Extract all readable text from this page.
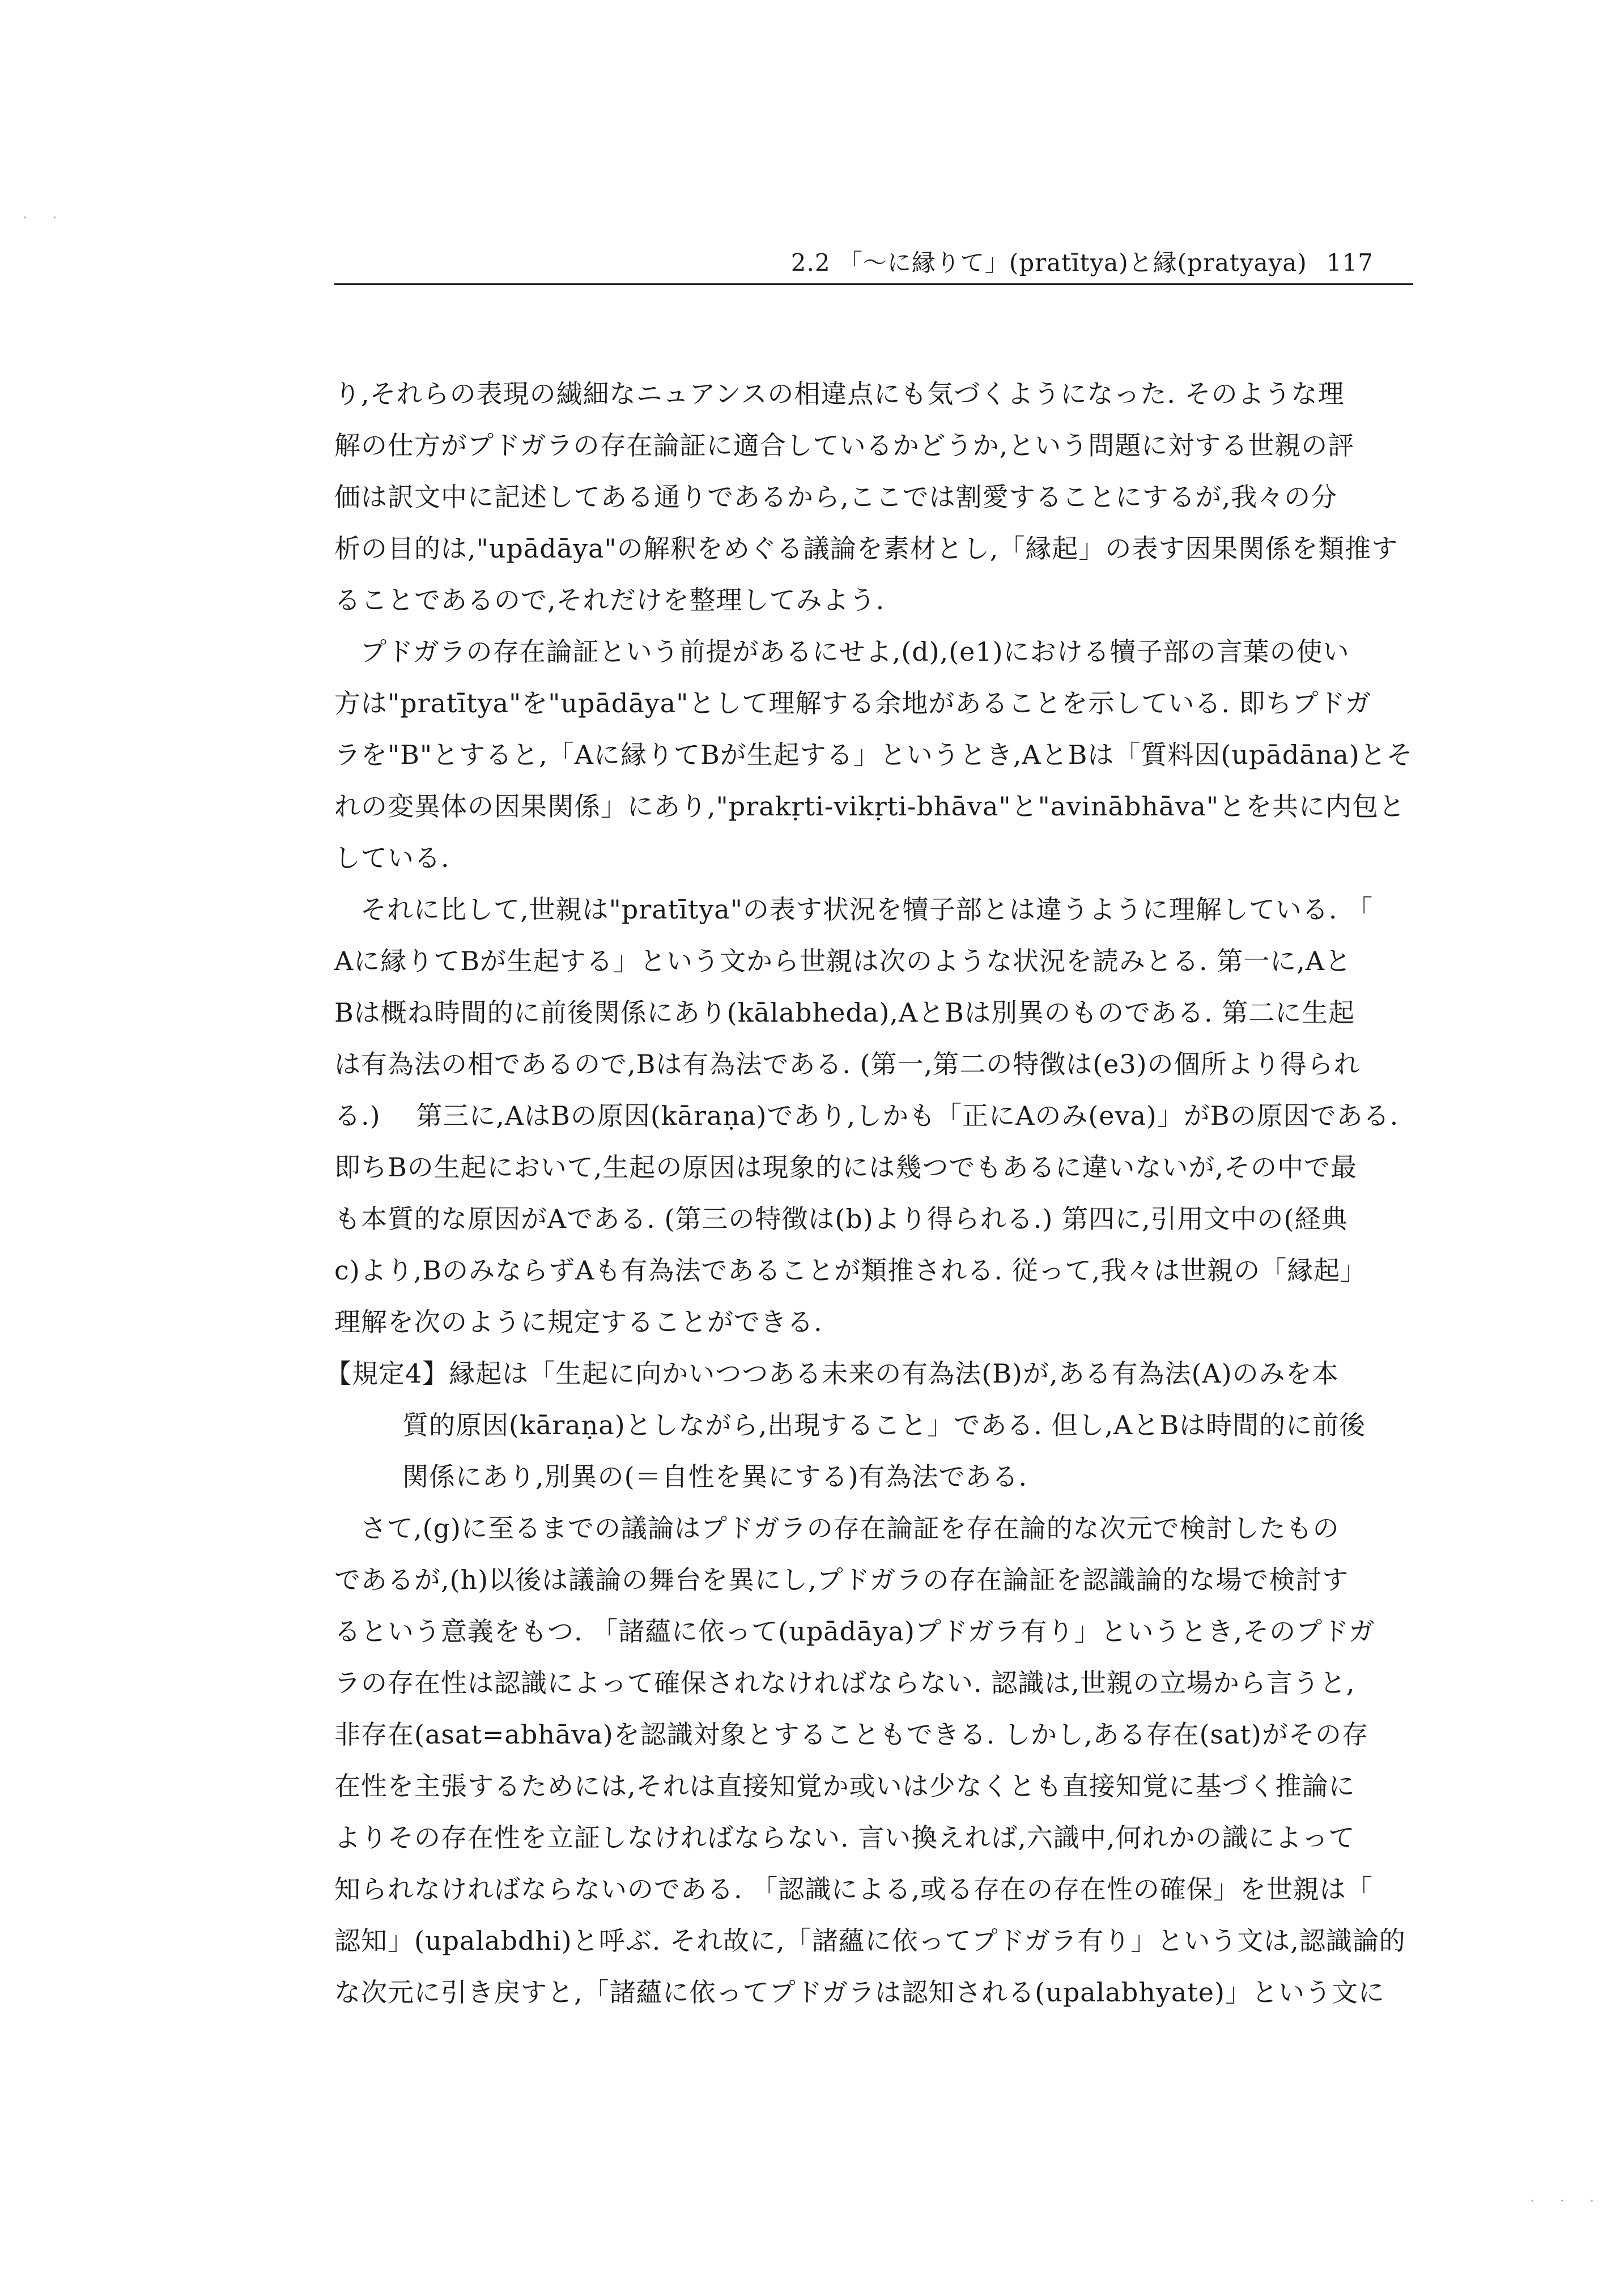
2.2 「～に縁りて」(pratītya)と縁(pratyaya) 117

り,それらの表現の繊細なニュアンスの相違点にも気づくようになった. そのような理

解の仕方がプドガラの存在論証に適合しているかどうか,という問題に対する世親の評

価は訳文中に記述してある通りであるから,ここでは割愛することにするが,我々の分

析の目的は,"upādāya"の解釈をめぐる議論を素材とし,「縁起」の表す因果関係を類推す

ることであるので,それだけを整理してみよう.

プドガラの存在論証という前提があるにせよ,(d),(e1)における犢子部の言葉の使い

方は"pratītya"を"upādāya"として理解する余地があることを示している. 即ちプドガ

ラを"B"とすると,「Aに縁りてBが生起する」というとき,AとBは「質料因(upādāna)とそ

れの変異体の因果関係」にあり,"prakṛti-vikṛti-bhāva"と"avinābhāva"とを共に内包と

している.

それに比して,世親は"pratītya"の表す状況を犢子部とは違うように理解している. 「

Aに縁りてBが生起する」という文から世親は次のような状況を読みとる. 第一に,Aと

Bは概ね時間的に前後関係にあり(kālabheda),AとBは別異のものである. 第二に生起

は有為法の相であるので,Bは有為法である. (第一,第二の特徴は(e3)の個所より得られ

る.) 　第三に,AはBの原因(kāraṇa)であり,しかも「正にAのみ(eva)」がBの原因である.

即ちBの生起において,生起の原因は現象的には幾つでもあるに違いないが,その中で最

も本質的な原因がAである. (第三の特徴は(b)より得られる.) 第四に,引用文中の(経典

c)より,BのみならずAも有為法であることが類推される. 従って,我々は世親の「縁起」

理解を次のように規定することができる.

【規定4】縁起は「生起に向かいつつある未来の有為法(B)が,ある有為法(A)のみを本

質的原因(kāraṇa)としながら,出現すること」である. 但し,AとBは時間的に前後

関係にあり,別異の(＝自性を異にする)有為法である.

さて,(g)に至るまでの議論はプドガラの存在論証を存在論的な次元で検討したもの

であるが,(h)以後は議論の舞台を異にし,プドガラの存在論証を認識論的な場で検討す

るという意義をもつ. 「諸蘊に依って(upādāya)プドガラ有り」というとき,そのプドガ

ラの存在性は認識によって確保されなければならない. 認識は,世親の立場から言うと,

非存在(asat=abhāva)を認識対象とすることもできる. しかし,ある存在(sat)がその存

在性を主張するためには,それは直接知覚か或いは少なくとも直接知覚に基づく推論に

よりその存在性を立証しなければならない. 言い換えれば,六識中,何れかの識によって

知られなければならないのである. 「認識による,或る存在の存在性の確保」を世親は「

認知」(upalabdhi)と呼ぶ. それ故に,「諸蘊に依ってプドガラ有り」という文は,認識論的

な次元に引き戻すと,「諸蘊に依ってプドガラは認知される(upalabhyate)」という文に

· ·
· · ·
